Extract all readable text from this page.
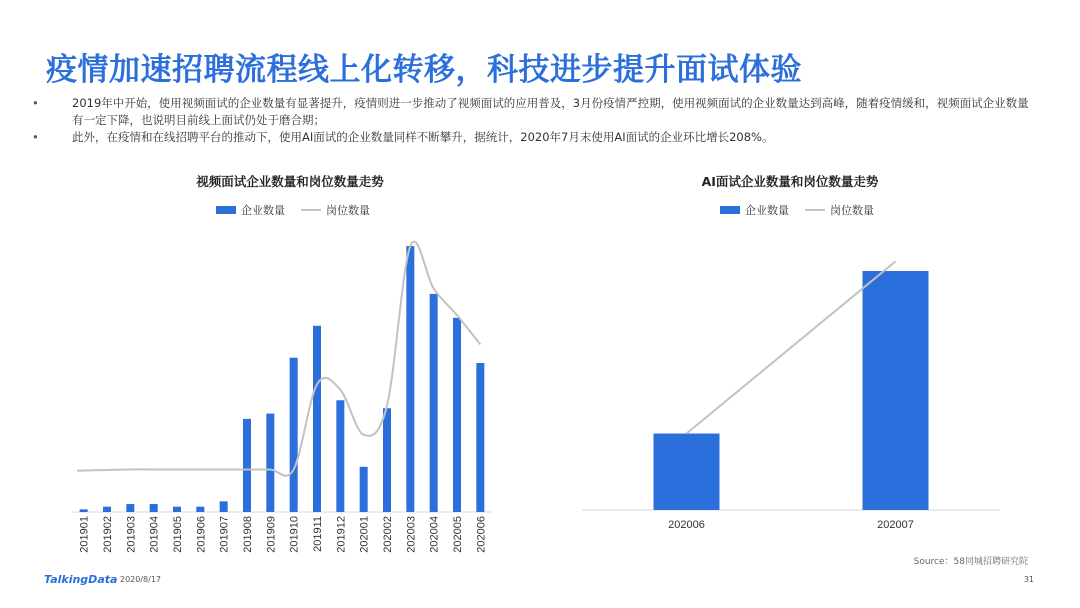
疫情加速招聘流程线上化转移，科技进步提升面试体验
• 2019年中开始，使用视频面试的企业数量有显著提升，疫情则进一步推动了视频面试的应用普及，3月份疫情严控期，使用视频面试的企业数量达到高峰，随着疫情缓和，视频面试企业数量有一定下降，也说明目前线上面试仍处于磨合期；
• 此外，在疫情和在线招聘平台的推动下，使用AI面试的企业数量同样不断攀升，据统计，2020年7月末使用AI面试的企业环比增长208%。
视频面试企业数量和岗位数量走势
企业数量	岗位数量
AI面试企业数量和岗位数量走势
企业数量	岗位数量
201901 201902 201903 201904 201905 201906 201907 201908 201909 201910 201911 201912 202001 202002 202003 202004 202005 202006	202006	202007
Source：58同城招聘研究院
TalkingData 2020/8/17	31
